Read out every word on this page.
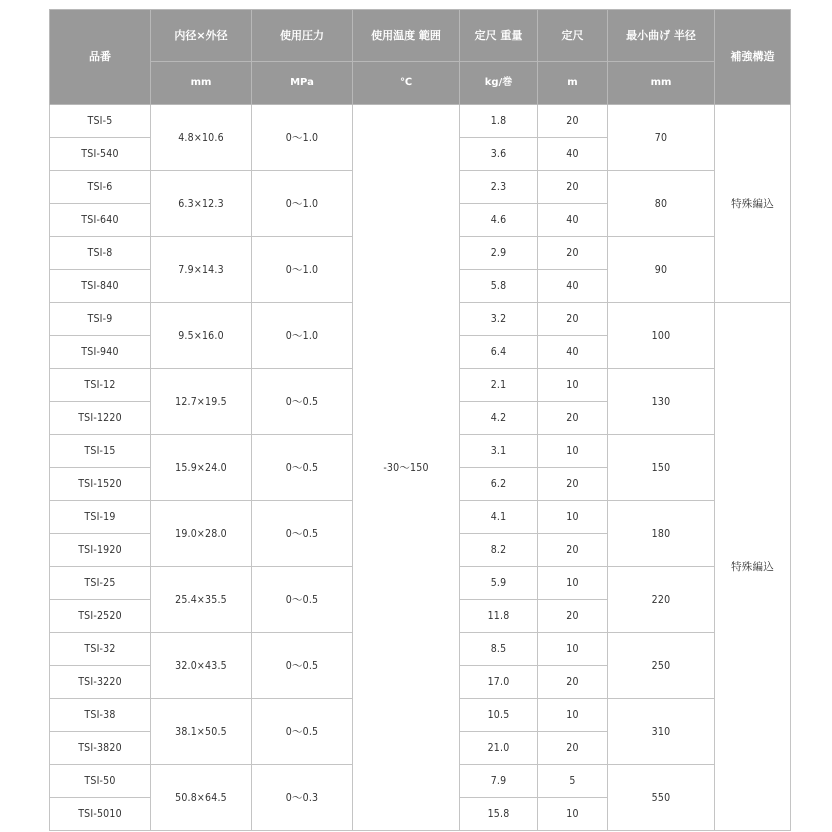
品番	内径×外径	使用圧力	使用温度 範囲	定尺 重量	定尺	最小曲げ 半径	補強構造
	mm	MPa	℃	kg/巻	m	mm	
TSI-5	4.8×10.6	0〜1.0	-30〜150	1.8	20	70	特殊編込
TSI-540				3.6	40		
TSI-6	6.3×12.3	0〜1.0		2.3	20	80	
TSI-640				4.6	40		
TSI-8	7.9×14.3	0〜1.0		2.9	20	90	
TSI-840				5.8	40		
TSI-9	9.5×16.0	0〜1.0		3.2	20	100	特殊編込
TSI-940				6.4	40		
TSI-12	12.7×19.5	0〜0.5		2.1	10	130	
TSI-1220				4.2	20		
TSI-15	15.9×24.0	0〜0.5		3.1	10	150	
TSI-1520				6.2	20		
TSI-19	19.0×28.0	0〜0.5		4.1	10	180	
TSI-1920				8.2	20		
TSI-25	25.4×35.5	0〜0.5		5.9	10	220	
TSI-2520				11.8	20		
TSI-32	32.0×43.5	0〜0.5		8.5	10	250	
TSI-3220				17.0	20		
TSI-38	38.1×50.5	0〜0.5		10.5	10	310	
TSI-3820				21.0	20		
TSI-50	50.8×64.5	0〜0.3		7.9	5	550	
TSI-5010				15.8	10		
